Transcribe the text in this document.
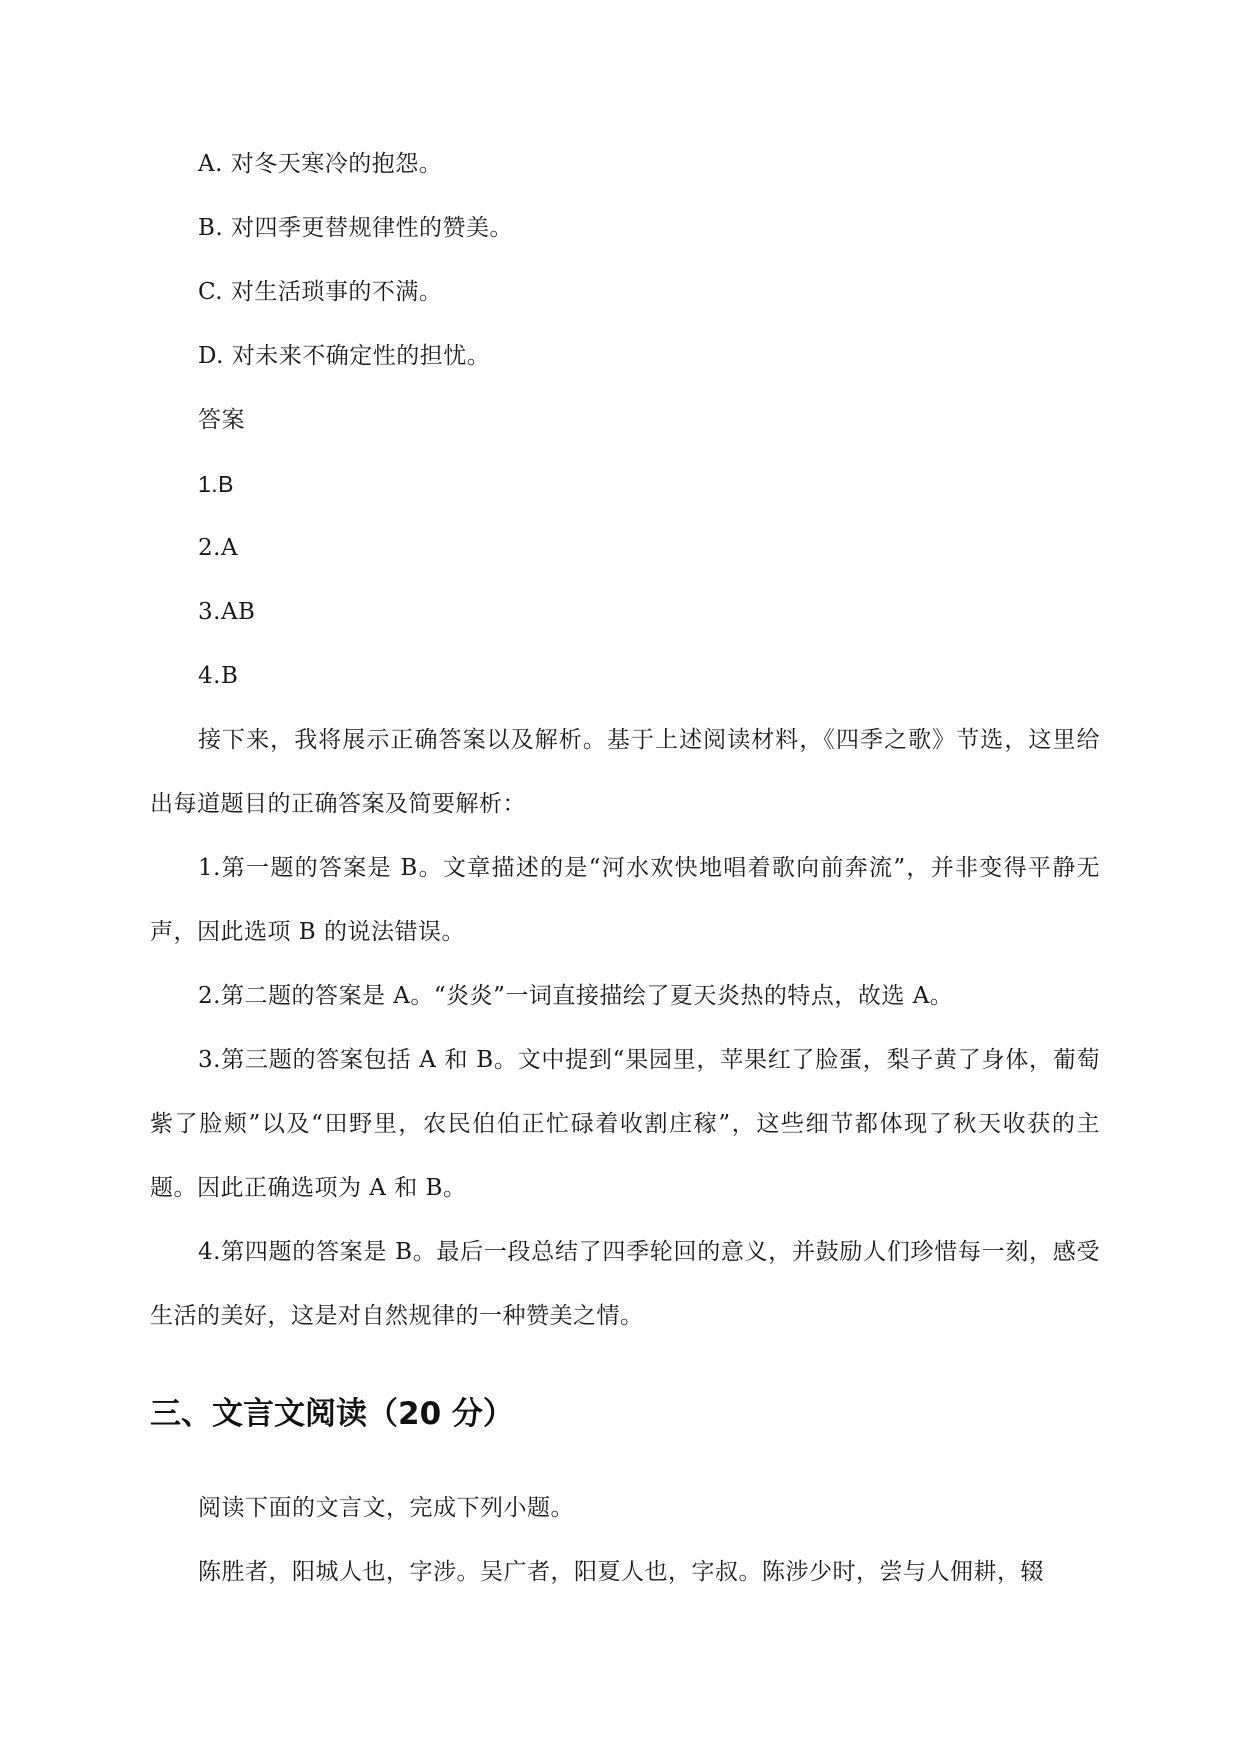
A. 对冬天寒冷的抱怨。

B. 对四季更替规律性的赞美。

C. 对生活琐事的不满。

D. 对未来不确定性的担忧。

答案

1.B

2.A

3.AB

4.B

接下来，我将展示正确答案以及解析。基于上述阅读材料，《四季之歌》节选，这里给出每道题目的正确答案及简要解析：

1.第一题的答案是 B。文章描述的是“河水欢快地唱着歌向前奔流”，并非变得平静无声，因此选项 B 的说法错误。

2.第二题的答案是 A。“炎炎”一词直接描绘了夏天炎热的特点，故选 A。

3.第三题的答案包括 A 和 B。文中提到“果园里，苹果红了脸蛋，梨子黄了身体，葡萄紫了脸颊”以及“田野里，农民伯伯正忙碌着收割庄稼”，这些细节都体现了秋天收获的主题。因此正确选项为 A 和 B。

4.第四题的答案是 B。最后一段总结了四季轮回的意义，并鼓励人们珍惜每一刻，感受生活的美好，这是对自然规律的一种赞美之情。

三、文言文阅读（20 分）

阅读下面的文言文，完成下列小题。

陈胜者，阳城人也，字涉。吴广者，阳夏人也，字叔。陈涉少时，尝与人佣耕，辍
